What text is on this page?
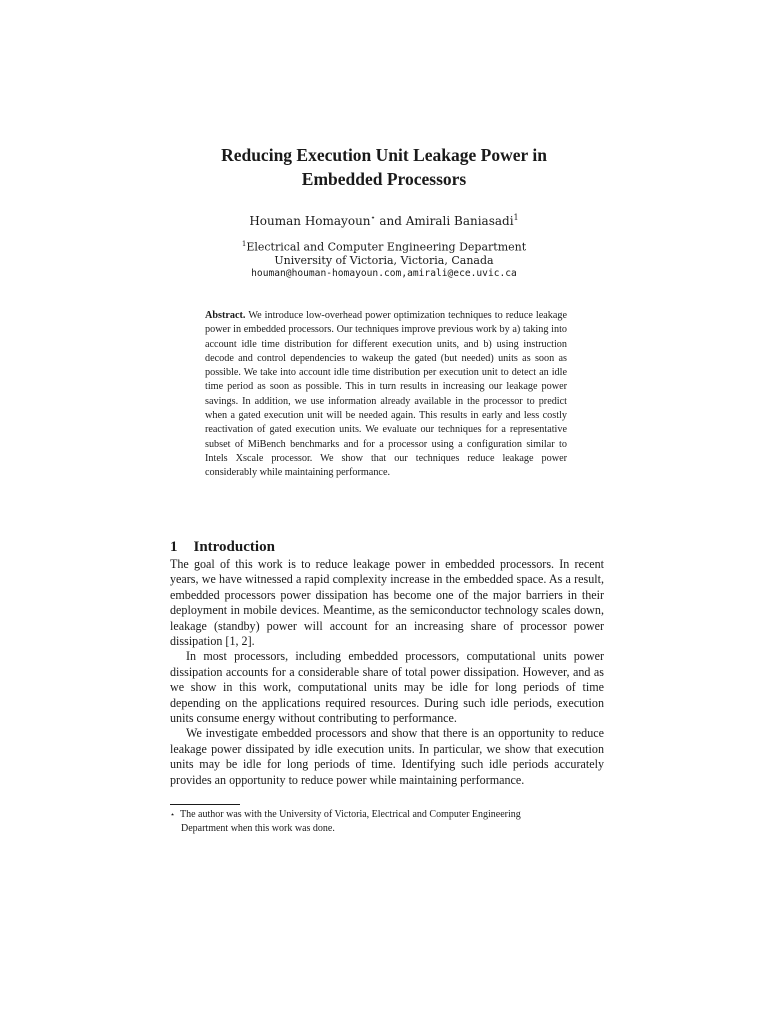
Reducing Execution Unit Leakage Power in
Embedded Processors
Houman Homayoun⋆ and Amirali Baniasadi$^1$
$^1$Electrical and Computer Engineering Department
University of Victoria, Victoria, Canada
houman@houman-homayoun.com,amirali@ece.uvic.ca
Abstract. We introduce low-overhead power optimization techniques to reduce leakage power in embedded processors. Our techniques improve previous work by a) taking into account idle time distribution for different execution units, and b) using instruction decode and control dependencies to wakeup the gated (but needed) units as soon as possible. We take into account idle time distribution per execution unit to detect an idle time period as soon as possible. This in turn results in increasing our leakage power savings. In addition, we use information already available in the processor to predict when a gated execution unit will be needed again. This results in early and less costly reactivation of gated execution units. We evaluate our techniques for a representative subset of MiBench benchmarks and for a processor using a configuration similar to Intels Xscale processor. We show that our techniques reduce leakage power considerably while maintaining performance.
1 Introduction

The goal of this work is to reduce leakage power in embedded processors. In recent years, we have witnessed a rapid complexity increase in the embedded space. As a result, embedded processors power dissipation has become one of the major barriers in their deployment in mobile devices. Meantime, as the semiconductor technology scales down, leakage (standby) power will account for an increasing share of processor power dissipation [1, 2].

In most processors, including embedded processors, computational units power dissipation accounts for a considerable share of total power dissipation. However, and as we show in this work, computational units may be idle for long periods of time depending on the applications required resources. During such idle periods, execution units consume energy without contributing to performance.

We investigate embedded processors and show that there is an opportunity to reduce leakage power dissipated by idle execution units. In particular, we show that execution units may be idle for long periods of time. Identifying such idle periods accurately provides an opportunity to reduce power while maintaining performance.

⋆ The author was with the University of Victoria, Electrical and Computer Engineering
Department when this work was done.
